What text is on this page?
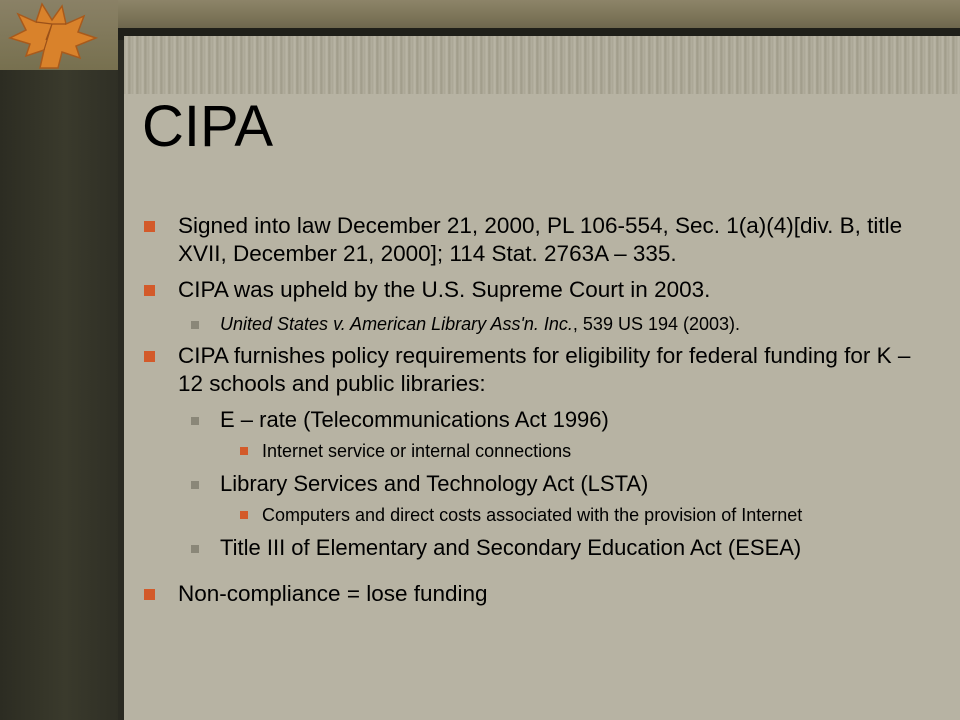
CIPA
Signed into law December 21, 2000, PL 106-554, Sec. 1(a)(4)[div. B, title XVII, December 21, 2000]; 114 Stat. 2763A – 335.
CIPA was upheld by the U.S. Supreme Court in 2003.
United States v. American Library Ass'n. Inc., 539 US 194 (2003).
CIPA furnishes policy requirements for eligibility for federal funding for K – 12 schools and public libraries:
E – rate (Telecommunications Act 1996)
Internet service or internal connections
Library Services and Technology Act (LSTA)
Computers and direct costs associated with the provision of Internet
Title III of Elementary and Secondary Education Act (ESEA)
Non-compliance = lose funding
